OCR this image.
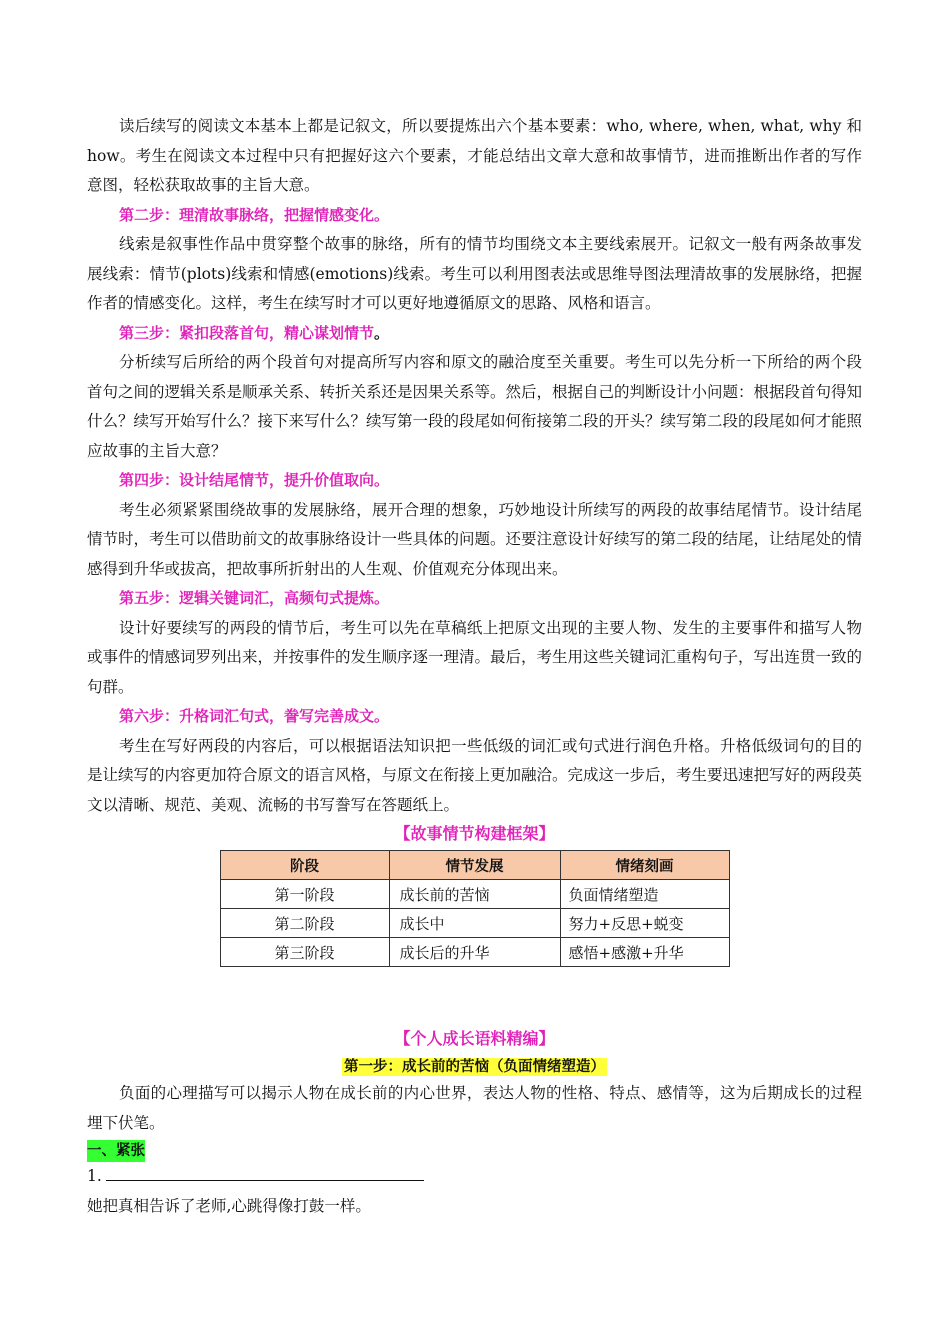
读后续写的阅读文本基本上都是记叙文，所以要提炼出六个基本要素：who, where, when, what, why 和how。考生在阅读文本过程中只有把握好这六个要素，才能总结出文章大意和故事情节，进而推断出作者的写作意图，轻松获取故事的主旨大意。

第二步：理清故事脉络，把握情感变化。

线索是叙事性作品中贯穿整个故事的脉络，所有的情节均围绕文本主要线索展开。记叙文一般有两条故事发展线索：情节(plots)线索和情感(emotions)线索。考生可以利用图表法或思维导图法理清故事的发展脉络，把握作者的情感变化。这样，考生在续写时才可以更好地遵循原文的思路、风格和语言。

第三步：紧扣段落首句，精心谋划情节。

分析续写后所给的两个段首句对提高所写内容和原文的融洽度至关重要。考生可以先分析一下所给的两个段首句之间的逻辑关系是顺承关系、转折关系还是因果关系等。然后，根据自己的判断设计小问题：根据段首句得知什么？续写开始写什么？接下来写什么？续写第一段的段尾如何衔接第二段的开头？续写第二段的段尾如何才能照应故事的主旨大意？

第四步：设计结尾情节，提升价值取向。

考生必须紧紧围绕故事的发展脉络，展开合理的想象，巧妙地设计所续写的两段的故事结尾情节。设计结尾情节时，考生可以借助前文的故事脉络设计一些具体的问题。还要注意设计好续写的第二段的结尾，让结尾处的情感得到升华或拔高，把故事所折射出的人生观、价值观充分体现出来。

第五步：逻辑关键词汇，高频句式提炼。

设计好要续写的两段的情节后，考生可以先在草稿纸上把原文出现的主要人物、发生的主要事件和描写人物或事件的情感词罗列出来，并按事件的发生顺序逐一理清。最后，考生用这些关键词汇重构句子，写出连贯一致的句群。

第六步：升格词汇句式，誊写完善成文。

考生在写好两段的内容后，可以根据语法知识把一些低级的词汇或句式进行润色升格。升格低级词句的目的是让续写的内容更加符合原文的语言风格，与原文在衔接上更加融洽。完成这一步后，考生要迅速把写好的两段英文以清晰、规范、美观、流畅的书写誊写在答题纸上。

【故事情节构建框架】
阶段	情节发展	情绪刻画
第一阶段	成长前的苦恼	负面情绪塑造
第二阶段	成长中	努力+反思+蜕变
第三阶段	成长后的升华	感悟+感激+升华
【个人成长语料精编】
第一步：成长前的苦恼（负面情绪塑造）

负面的心理描写可以揭示人物在成长前的内心世界，表达人物的性格、特点、感情等，这为后期成长的过程埋下伏笔。

一、紧张

1.

她把真相告诉了老师,心跳得像打鼓一样。
